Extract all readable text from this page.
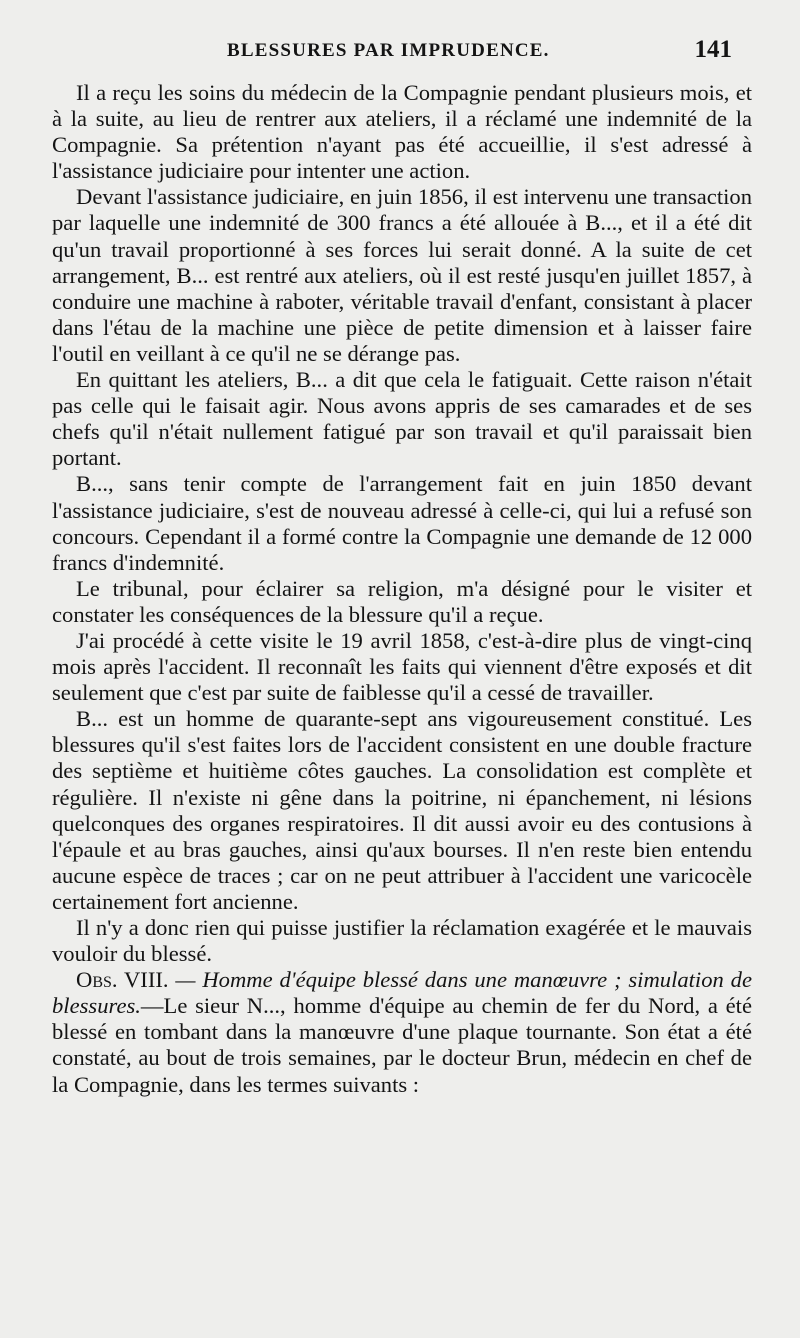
BLESSURES PAR IMPRUDENCE.	141

Il a reçu les soins du médecin de la Compagnie pendant plusieurs mois, et à la suite, au lieu de rentrer aux ateliers, il a réclamé une indemnité de la Compagnie. Sa prétention n'ayant pas été accueillie, il s'est adressé à l'assistance judiciaire pour intenter une action.

Devant l'assistance judiciaire, en juin 1856, il est intervenu une transaction par laquelle une indemnité de 300 francs a été allouée à B..., et il a été dit qu'un travail proportionné à ses forces lui serait donné. A la suite de cet arrangement, B... est rentré aux ateliers, où il est resté jusqu'en juillet 1857, à conduire une machine à raboter, véritable travail d'enfant, consistant à placer dans l'étau de la machine une pièce de petite dimension et à laisser faire l'outil en veillant à ce qu'il ne se dérange pas.

En quittant les ateliers, B... a dit que cela le fatiguait. Cette raison n'était pas celle qui le faisait agir. Nous avons appris de ses camarades et de ses chefs qu'il n'était nullement fatigué par son travail et qu'il paraissait bien portant.

B..., sans tenir compte de l'arrangement fait en juin 1850 devant l'assistance judiciaire, s'est de nouveau adressé à celle-ci, qui lui a refusé son concours. Cependant il a formé contre la Compagnie une demande de 12 000 francs d'indemnité.

Le tribunal, pour éclairer sa religion, m'a désigné pour le visiter et constater les conséquences de la blessure qu'il a reçue.

J'ai procédé à cette visite le 19 avril 1858, c'est-à-dire plus de vingt-cinq mois après l'accident. Il reconnaît les faits qui viennent d'être exposés et dit seulement que c'est par suite de faiblesse qu'il a cessé de travailler.

B... est un homme de quarante-sept ans vigoureusement constitué. Les blessures qu'il s'est faites lors de l'accident consistent en une double fracture des septième et huitième côtes gauches. La consolidation est complète et régulière. Il n'existe ni gêne dans la poitrine, ni épanchement, ni lésions quelconques des organes respiratoires. Il dit aussi avoir eu des contusions à l'épaule et au bras gauches, ainsi qu'aux bourses. Il n'en reste bien entendu aucune espèce de traces ; car on ne peut attribuer à l'accident une varicocèle certainement fort ancienne.

Il n'y a donc rien qui puisse justifier la réclamation exagérée et le mauvais vouloir du blessé.

Obs. VIII. — Homme d'équipe blessé dans une manœuvre ; simulation de blessures.—Le sieur N..., homme d'équipe au chemin de fer du Nord, a été blessé en tombant dans la manœuvre d'une plaque tournante. Son état a été constaté, au bout de trois semaines, par le docteur Brun, médecin en chef de la Compagnie, dans les termes suivants :
